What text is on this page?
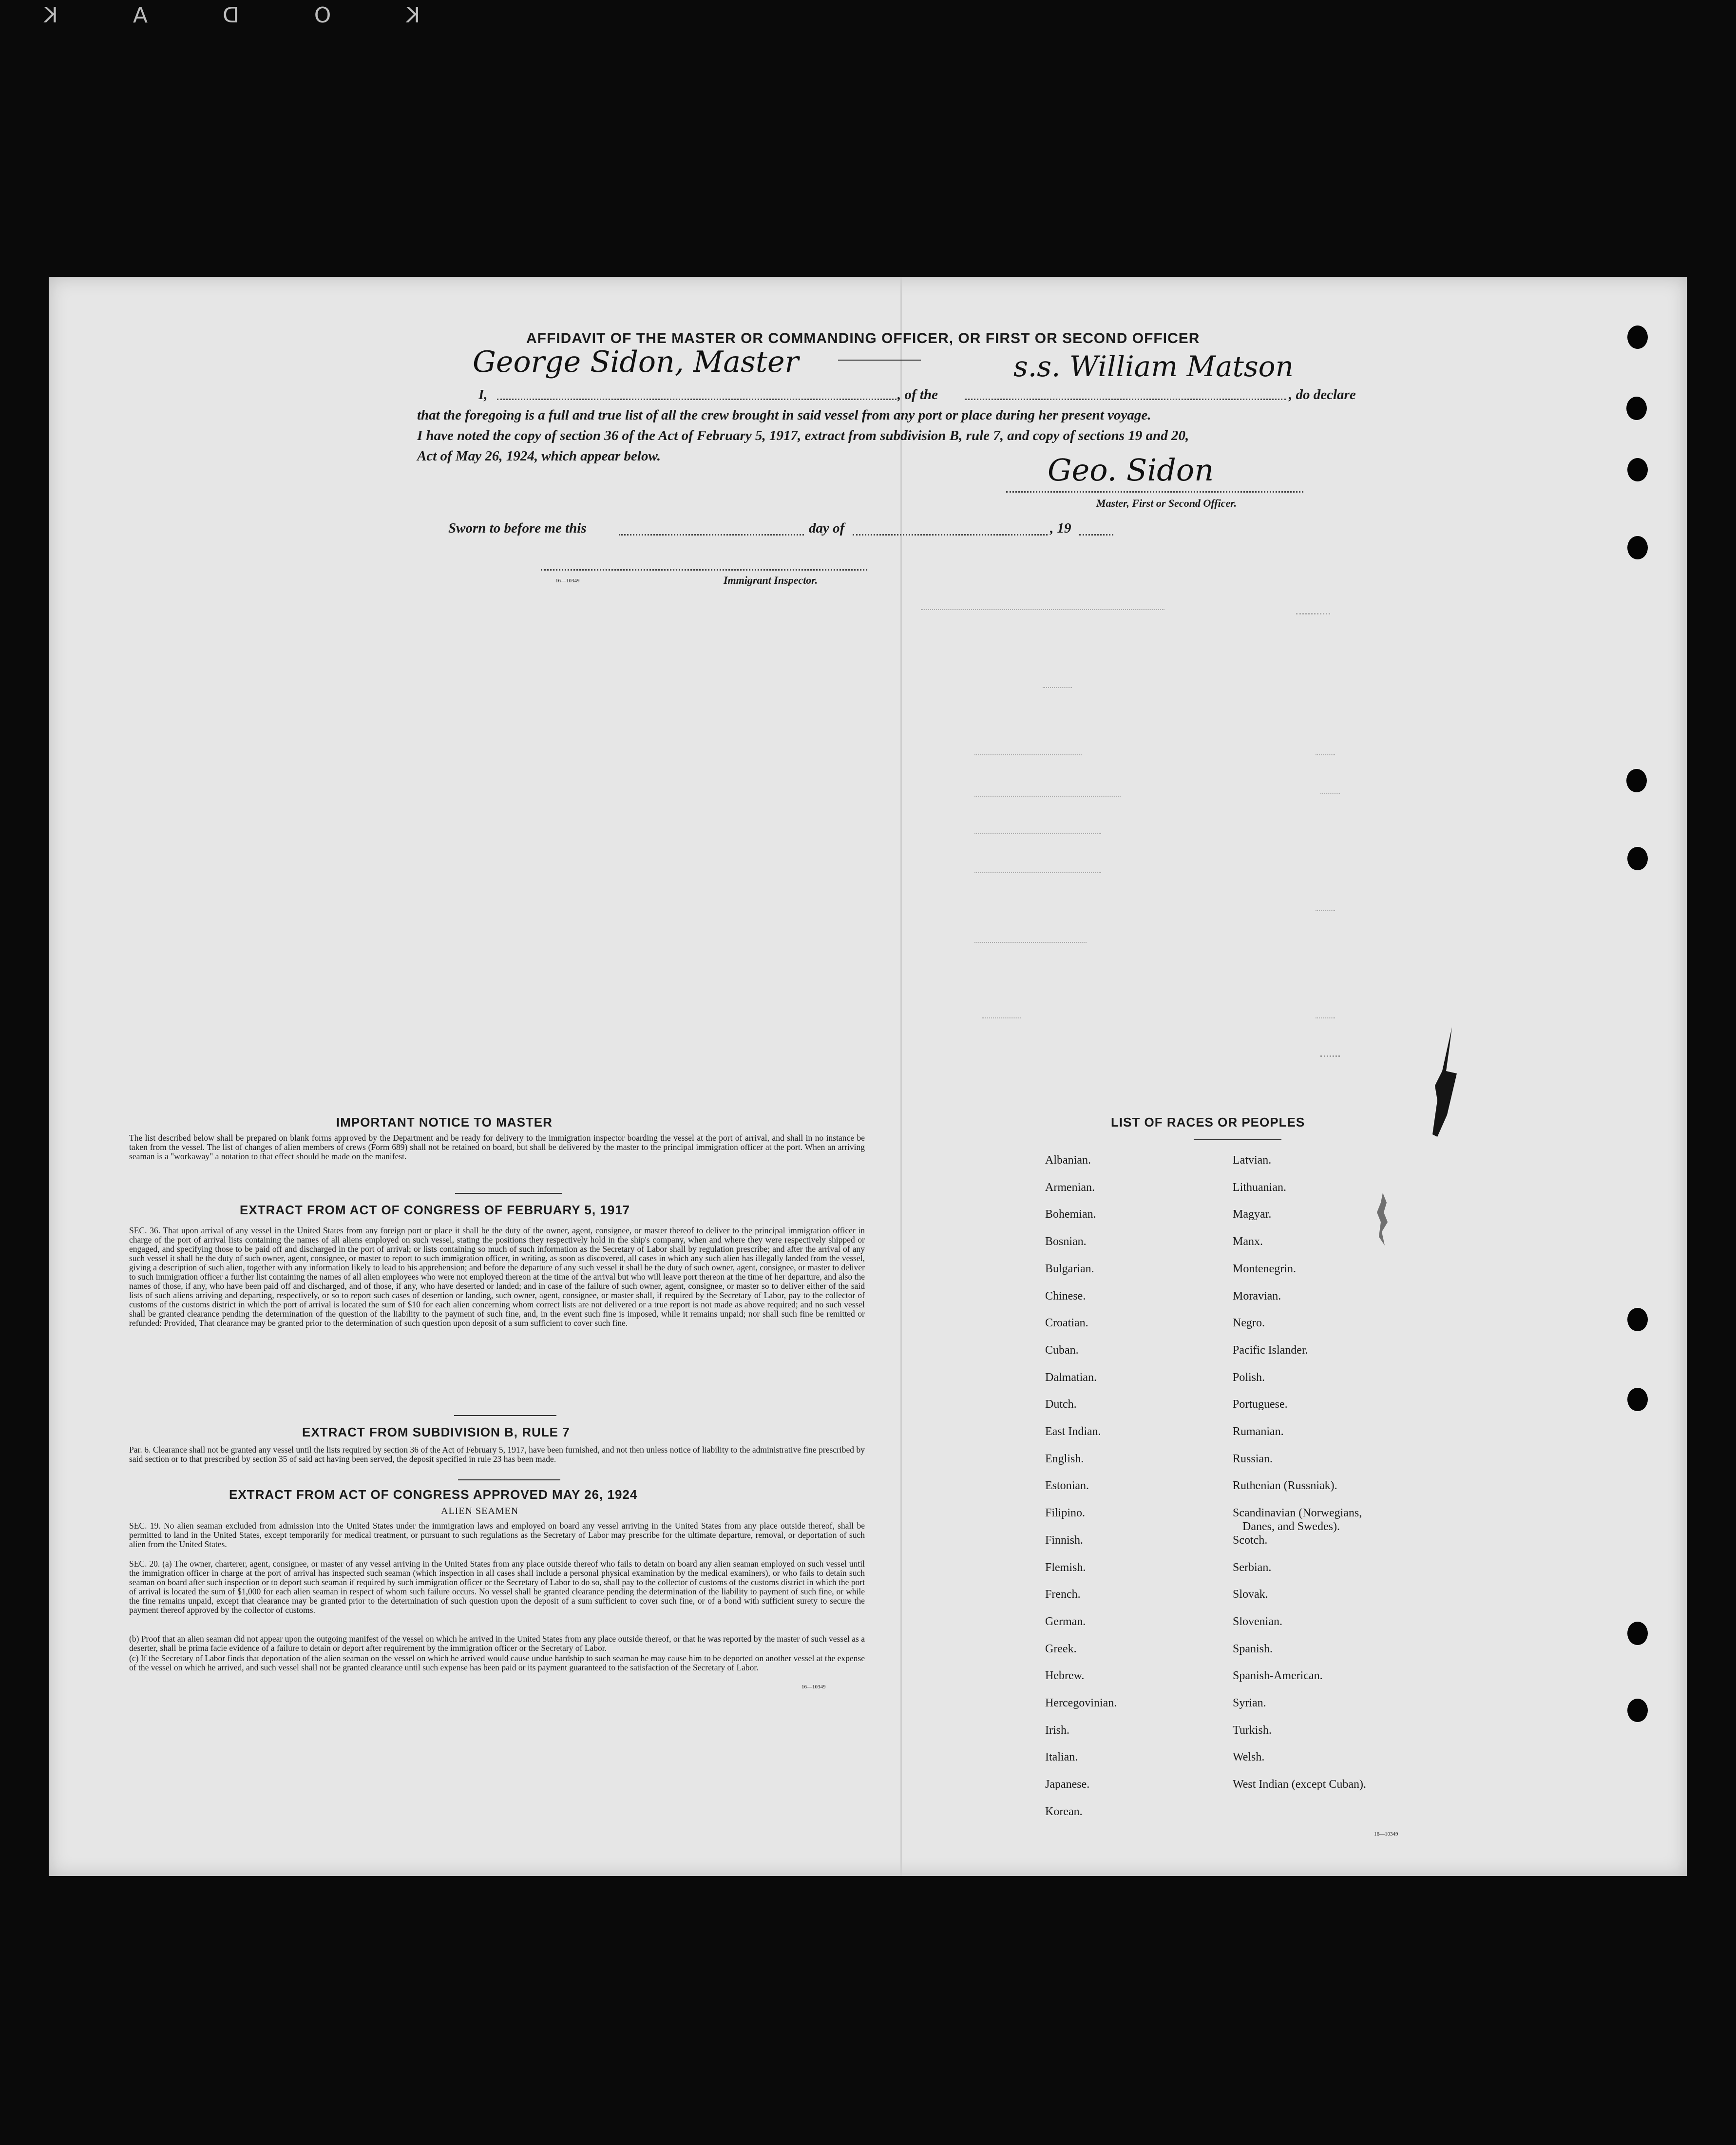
K O D A K
AFFIDAVIT OF THE MASTER OR COMMANDING OFFICER, OR FIRST OR SECOND OFFICER
I,
George Sidon, Master
, of the
s.s. William Matson
, do declare
that the foregoing is a full and true list of all the crew brought in said vessel from any port or place during her present voyage.
I have noted the copy of section 36 of the Act of February 5, 1917, extract from subdivision B, rule 7, and copy of sections 19 and 20,
Act of May 26, 1924, which appear below.	Geo. Sidon
Master, First or Second Officer.
Sworn to before me this	day of	, 19
16—10349	Immigrant Inspector.
IMPORTANT NOTICE TO MASTER
The list described below shall be prepared on blank forms approved by the Department and be ready for delivery to the immigration inspector boarding the vessel at the port of arrival, and shall in no instance be taken from the vessel. The list of changes of alien members of crews (Form 689) shall not be retained on board, but shall be delivered by the master to the principal immigration officer at the port. When an arriving seaman is a "workaway" a notation to that effect should be made on the manifest.
EXTRACT FROM ACT OF CONGRESS OF FEBRUARY 5, 1917
SEC. 36. That upon arrival of any vessel in the United States from any foreign port or place it shall be the duty of the owner, agent, consignee, or master thereof to deliver to the principal immigration officer in charge of the port of arrival lists containing the names of all aliens employed on such vessel, stating the positions they respectively hold in the ship's company, when and where they were respectively shipped or engaged, and specifying those to be paid off and discharged in the port of arrival; or lists containing so much of such information as the Secretary of Labor shall by regulation prescribe; and after the arrival of any such vessel it shall be the duty of such owner, agent, consignee, or master to report to such immigration officer, in writing, as soon as discovered, all cases in which any such alien has illegally landed from the vessel, giving a description of such alien, together with any information likely to lead to his apprehension; and before the departure of any such vessel it shall be the duty of such owner, agent, consignee, or master to deliver to such immigration officer a further list containing the names of all alien employees who were not employed thereon at the time of the arrival but who will leave port thereon at the time of her departure, and also the names of those, if any, who have been paid off and discharged, and of those, if any, who have deserted or landed; and in case of the failure of such owner, agent, consignee, or master so to deliver either of the said lists of such aliens arriving and departing, respectively, or so to report such cases of desertion or landing, such owner, agent, consignee, or master shall, if required by the Secretary of Labor, pay to the collector of customs of the customs district in which the port of arrival is located the sum of $10 for each alien concerning whom correct lists are not delivered or a true report is not made as above required; and no such vessel shall be granted clearance pending the determination of the question of the liability to the payment of such fine, and, in the event such fine is imposed, while it remains unpaid; nor shall such fine be remitted or refunded: Provided, That clearance may be granted prior to the determination of such question upon deposit of a sum sufficient to cover such fine.
EXTRACT FROM SUBDIVISION B, RULE 7
Par. 6. Clearance shall not be granted any vessel until the lists required by section 36 of the Act of February 5, 1917, have been furnished, and not then unless notice of liability to the administrative fine prescribed by said section or to that prescribed by section 35 of said act having been served, the deposit specified in rule 23 has been made.
EXTRACT FROM ACT OF CONGRESS APPROVED MAY 26, 1924
ALIEN SEAMEN
SEC. 19. No alien seaman excluded from admission into the United States under the immigration laws and employed on board any vessel arriving in the United States from any place outside thereof, shall be permitted to land in the United States, except temporarily for medical treatment, or pursuant to such regulations as the Secretary of Labor may prescribe for the ultimate departure, removal, or deportation of such alien from the United States.
SEC. 20. (a) The owner, charterer, agent, consignee, or master of any vessel arriving in the United States from any place outside thereof who fails to detain on board any alien seaman employed on such vessel until the immigration officer in charge at the port of arrival has inspected such seaman (which inspection in all cases shall include a personal physical examination by the medical examiners), or who fails to detain such seaman on board after such inspection or to deport such seaman if required by such immigration officer or the Secretary of Labor to do so, shall pay to the collector of customs of the customs district in which the port of arrival is located the sum of $1,000 for each alien seaman in respect of whom such failure occurs. No vessel shall be granted clearance pending the determination of the liability to payment of such fine, or while the fine remains unpaid, except that clearance may be granted prior to the determination of such question upon the deposit of a sum sufficient to cover such fine, or of a bond with sufficient surety to secure the payment thereof approved by the collector of customs.
(b) Proof that an alien seaman did not appear upon the outgoing manifest of the vessel on which he arrived in the United States from any place outside thereof, or that he was reported by the master of such vessel as a deserter, shall be prima facie evidence of a failure to detain or deport after requirement by the immigration officer or the Secretary of Labor.
(c) If the Secretary of Labor finds that deportation of the alien seaman on the vessel on which he arrived would cause undue hardship to such seaman he may cause him to be deported on another vessel at the expense of the vessel on which he arrived, and such vessel shall not be granted clearance until such expense has been paid or its payment guaranteed to the satisfaction of the Secretary of Labor.
16—10349
LIST OF RACES OR PEOPLES
Albanian.
Armenian.
Bohemian.
Bosnian.
Bulgarian.
Chinese.
Croatian.
Cuban.
Dalmatian.
Dutch.
East Indian.
English.
Estonian.
Filipino.
Finnish.
Flemish.
French.
German.
Greek.
Hebrew.
Hercegovinian.
Irish.
Italian.
Japanese.
Korean.
Latvian.
Lithuanian.
Magyar.
Manx.
Montenegrin.
Moravian.
Negro.
Pacific Islander.
Polish.
Portuguese.
Rumanian.
Russian.
Ruthenian (Russniak).
Scandinavian (Norwegians,
Danes, and Swedes).
Scotch.
Serbian.
Slovak.
Slovenian.
Spanish.
Spanish-American.
Syrian.
Turkish.
Welsh.
West Indian (except Cuban).
16—10349
